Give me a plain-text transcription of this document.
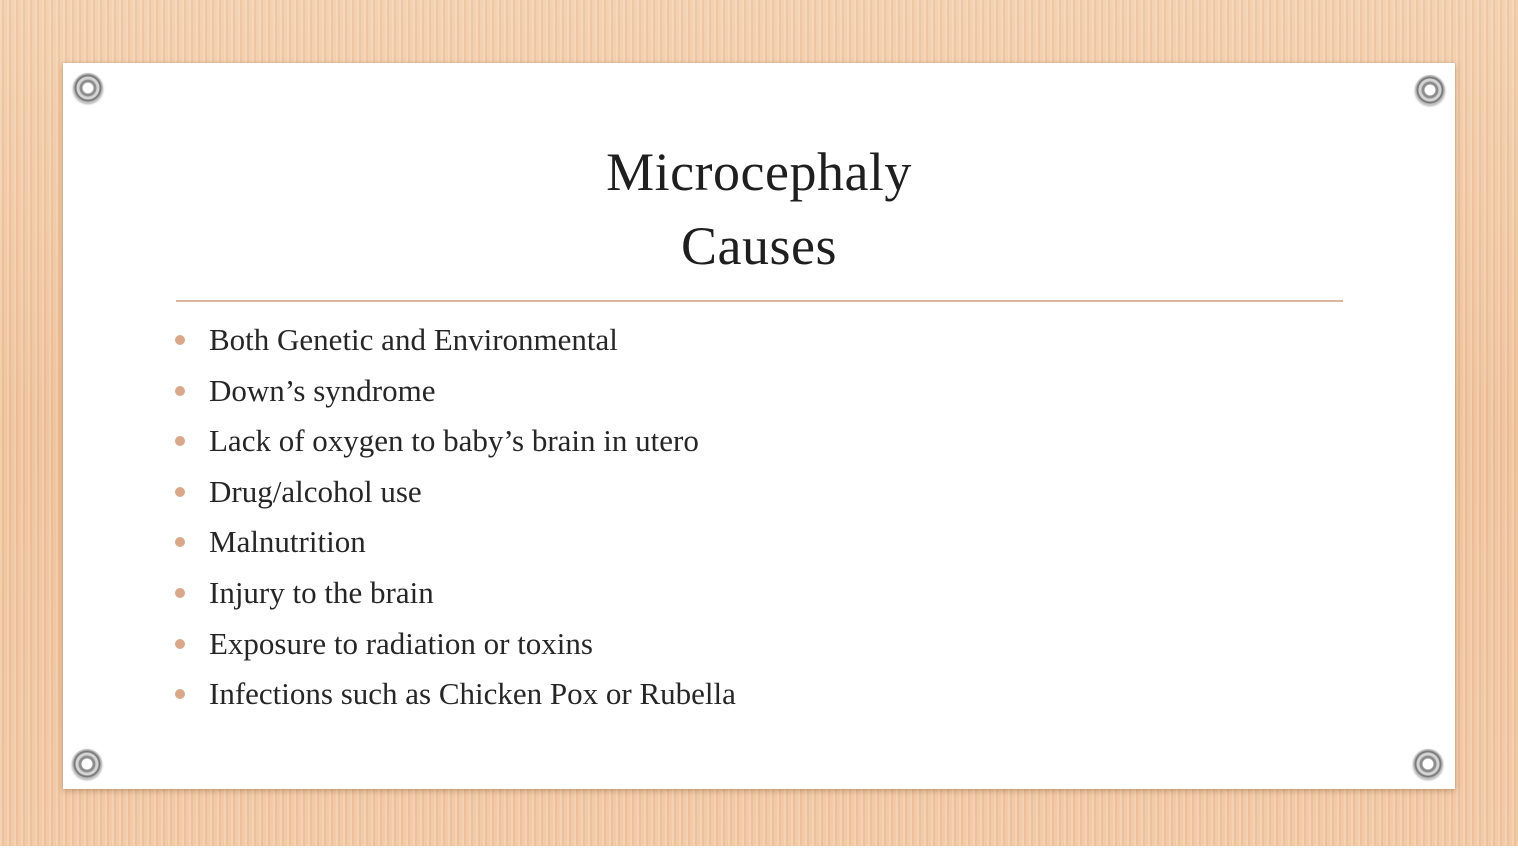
Microcephaly
Causes
Both Genetic and Environmental
Down’s syndrome
Lack of oxygen to baby’s brain in utero
Drug/alcohol use
Malnutrition
Injury to the brain
Exposure to radiation or toxins
Infections such as Chicken Pox or Rubella
